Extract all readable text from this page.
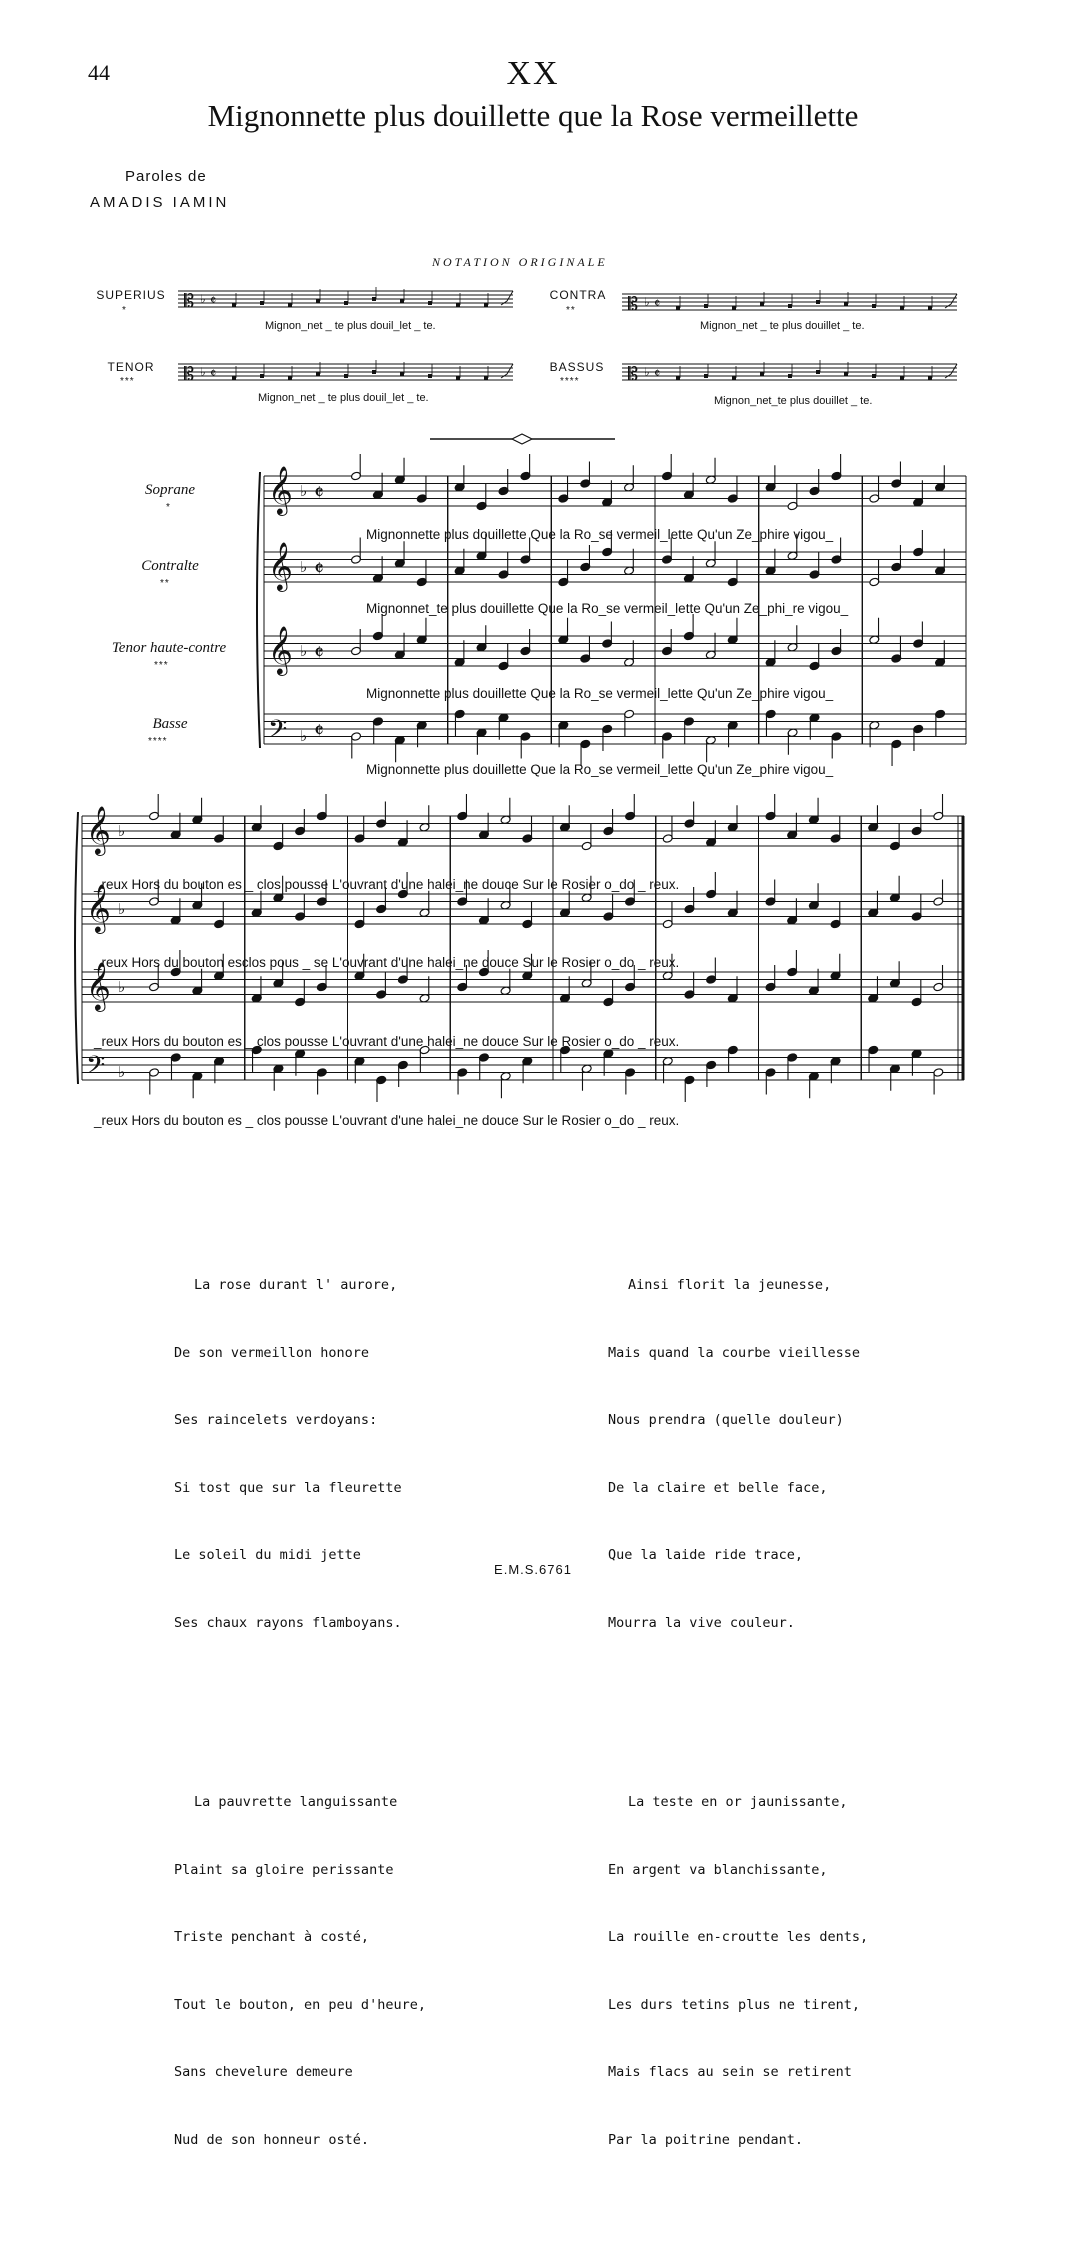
44	XX
Mignonnette plus douillette que la Rose vermeillette
Paroles de
AMADIS IAMIN
NOTATION ORIGINALE
SUPERIUS
*	𝄡 ♭ 𝄵
Mignon_net _ te plus douil_let _ te.
CONTRA
**	𝄡 ♭ 𝄵
Mignon_net _ te plus douillet _ te.
TENOR
***	𝄡 ♭ 𝄵
Mignon_net _ te plus douil_let _ te.
BASSUS
****	𝄡 ♭ 𝄵
Mignon_net_te plus douillet _ te.
Soprane
*
Contralte
**
Tenor haute-contre
***
Basse
****
𝄞 ♭ 𝄵
𝄞 ♭ 𝄵
𝄞 ♭ 𝄵
𝄢 ♭ 𝄵
Mignonnette plus douillette Que la Ro_se vermeil_lette Qu'un Ze_phire vigou_
Mignonnet_te plus douillette Que la Ro_se vermeil_lette Qu'un Ze_phi_re vigou_
Mignonnette plus douillette Que la Ro_se vermeil_lette Qu'un Ze_phire vigou_
Mignonnette plus douillette Que la Ro_se vermeil_lette Qu'un Ze_phire vigou_
𝄞 ♭
𝄞 ♭
𝄞 ♭
𝄢 ♭
_reux Hors du bouton es _ clos pousse L'ouvrant d'une halei_ne douce Sur le Rosier o_do _ reux.
_reux Hors du bouton esclos pous _ se L'ouvrant d'une halei_ne douce Sur le Rosier o_do _ reux.
_reux Hors du bouton es _ clos pousse L'ouvrant d'une halei_ne douce Sur le Rosier o_do _ reux.
_reux Hors du bouton es _ clos pousse L'ouvrant d'une halei_ne douce Sur le Rosier o_do _ reux.

La rose durant l' aurore,

De son vermeillon honore

Ses raincelets verdoyans:

Si tost que sur la fleurette

Le soleil du midi jette

Ses chaux rayons flamboyans.

La pauvrette languissante

Plaint sa gloire perissante

Triste penchant à costé,

Tout le bouton, en peu d'heure,

Sans chevelure demeure

Nud de son honneur osté.

Ainsi florit la jeunesse,

Mais quand la courbe vieillesse

Nous prendra (quelle douleur)

De la claire et belle face,

Que la laide ride trace,

Mourra la vive couleur.

La teste en or jaunissante,

En argent va blanchissante,

La rouille en-croutte les dents,

Les durs tetins plus ne tirent,

Mais flacs au sein se retirent

Par la poitrine pendant.

E.M.S.6761
